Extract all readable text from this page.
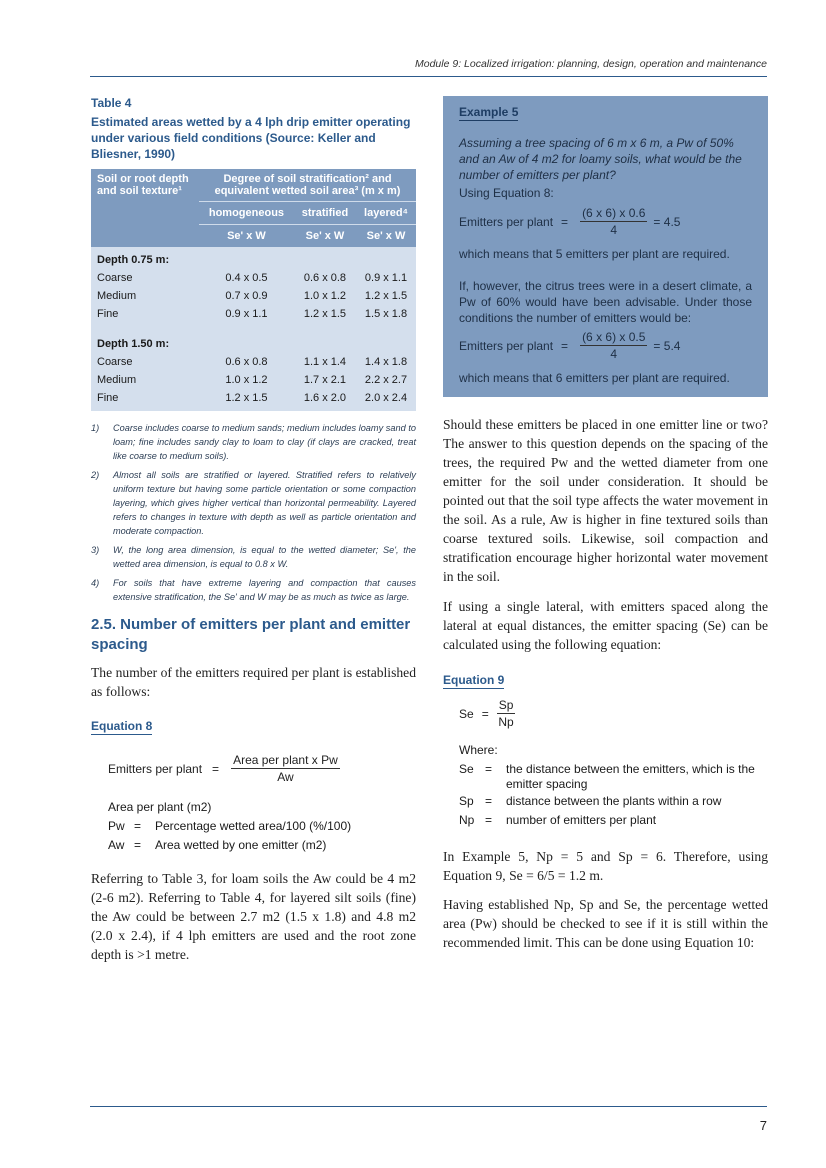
Module 9: Localized irrigation: planning, design, operation and maintenance
Table 4
Estimated areas wetted by a 4 lph drip emitter operating under various field conditions (Source: Keller and Bliesner, 1990)
Soil or root depth and soil texture¹	Degree of soil stratification² and equivalent wetted soil area³ (m x m)		
	homogeneous	stratified	layered⁴
	Se' x W	Se' x W	Se' x W
Depth 0.75 m:			
Coarse	0.4 x 0.5	0.6 x 0.8	0.9 x 1.1
Medium	0.7 x 0.9	1.0 x 1.2	1.2 x 1.5
Fine	0.9 x 1.1	1.2 x 1.5	1.5 x 1.8

Depth 1.50 m:			
Coarse	0.6 x 0.8	1.1 x 1.4	1.4 x 1.8
Medium	1.0 x 1.2	1.7 x 2.1	2.2 x 2.7
Fine	1.2 x 1.5	1.6 x 2.0	2.0 x 2.4
1)	Coarse includes coarse to medium sands; medium includes loamy sand to loam; fine includes sandy clay to loam to clay (if clays are cracked, treat like coarse to medium soils).
2)	Almost all soils are stratified or layered. Stratified refers to relatively uniform texture but having some particle orientation or some compaction layering, which gives higher vertical than horizontal permeability. Layered refers to changes in texture with depth as well as particle orientation and moderate compaction.
3)	W, the long area dimension, is equal to the wetted diameter; Se', the wetted area dimension, is equal to 0.8 x W.
4)	For soils that have extreme layering and compaction that causes extensive stratification, the Se' and W may be as much as twice as large.
2.5. Number of emitters per plant and emitter spacing
The number of the emitters required per plant is established as follows:
Equation 8
Emitters per plant = $\frac{\text{Area per plant x Pw}}{Aw}$
Area per plant (m2)
Pw =	Percentage wetted area/100 (%/100)
Aw =	Area wetted by one emitter (m2)
Referring to Table 3, for loam soils the Aw could be 4 m2 (2-6 m2). Referring to Table 4, for layered silt soils (fine) the Aw could be between 2.7 m2 (1.5 x 1.8) and 4.8 m2 (2.0 x 2.4), if 4 lph emitters are used and the root zone depth is >1 metre.
Example 5

Assuming a tree spacing of 6 m x 6 m, a Pw of 50% and an Aw of 4 m2 for loamy soils, what would be the number of emitters per plant?

Using Equation 8:

Emitters per plant = $\frac{(6 x 6) x 0.6}{4} = 4.5$

which means that 5 emitters per plant are required.

If, however, the citrus trees were in a desert climate, a Pw of 60% would have been advisable. Under those conditions the number of emitters would be:

Emitters per plant = $\frac{(6 x 6) x 0.5}{4} = 5.4$

which means that 6 emitters per plant are required.

Should these emitters be placed in one emitter line or two? The answer to this question depends on the spacing of the trees, the required Pw and the wetted diameter from one emitter for the soil under consideration. It should be pointed out that the soil type affects the water movement in the soil. As a rule, Aw is higher in fine textured soils than coarse textured soils. Likewise, soil compaction and stratification encourage higher horizontal water movement in the soil.
If using a single lateral, with emitters spaced along the lateral at equal distances, the emitter spacing (Se) can be calculated using the following equation:
Equation 9
$Se = \frac{Sp}{Np}$
Where:
Se =	the distance between the emitters, which is the emitter spacing
Sp =	distance between the plants within a row
Np =	number of emitters per plant
In Example 5, Np = 5 and Sp = 6. Therefore, using Equation 9, Se = 6/5 = 1.2 m.
Having established Np, Sp and Se, the percentage wetted area (Pw) should be checked to see if it is still within the recommended limit. This can be done using Equation 10:
7
